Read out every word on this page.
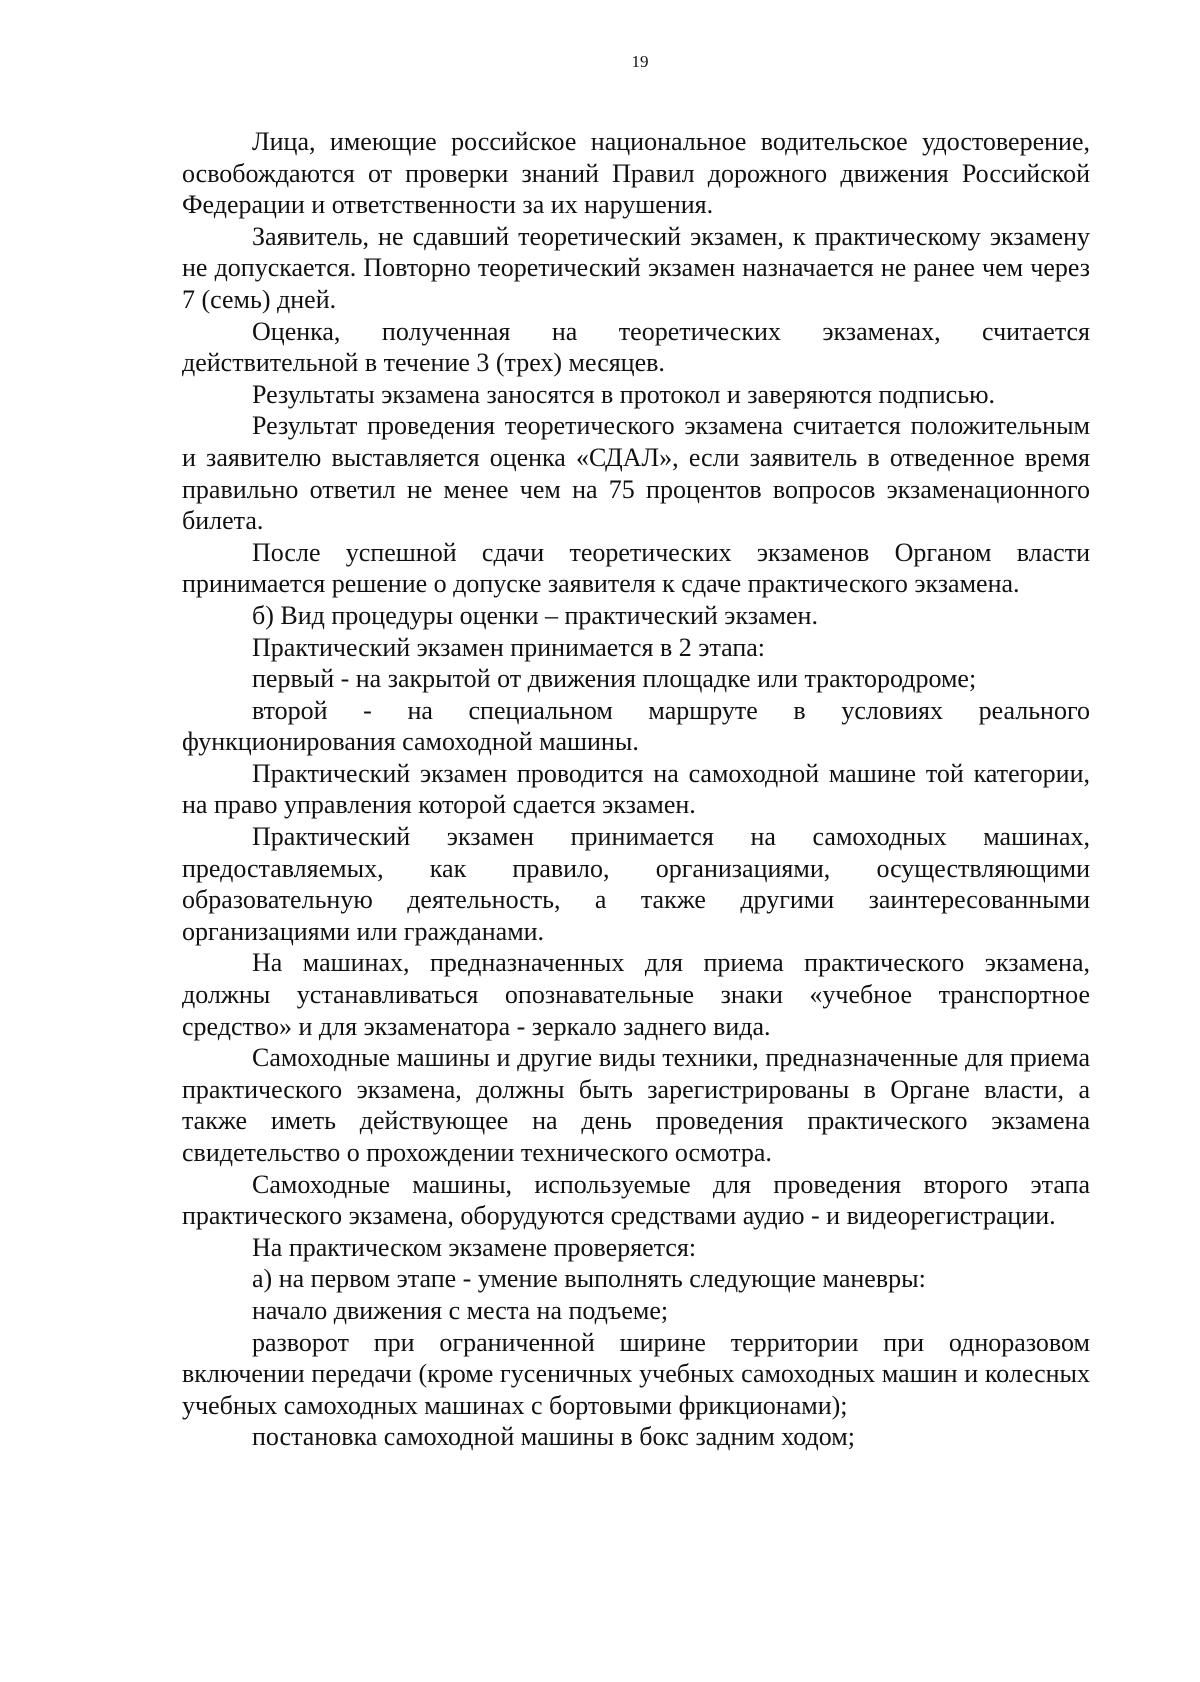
19

Лица, имеющие российское национальное водительское удостоверение, освобождаются от проверки знаний Правил дорожного движения Российской Федерации и ответственности за их нарушения.

Заявитель, не сдавший теоретический экзамен, к практическому экзамену не допускается. Повторно теоретический экзамен назначается не ранее чем через 7 (семь) дней.

Оценка, полученная на теоретических экзаменах, считается действительной в течение 3 (трех) месяцев.

Результаты экзамена заносятся в протокол и заверяются подписью.

Результат проведения теоретического экзамена считается положительным и заявителю выставляется оценка «СДАЛ», если заявитель в отведенное время правильно ответил не менее чем на 75 процентов вопросов экзаменационного билета.

После успешной сдачи теоретических экзаменов Органом власти принимается решение о допуске заявителя к сдаче практического экзамена.

б) Вид процедуры оценки – практический экзамен.

Практический экзамен принимается в 2 этапа:

первый - на закрытой от движения площадке или трактородроме;

второй - на специальном маршруте в условиях реального функционирования самоходной машины.

Практический экзамен проводится на самоходной машине той категории, на право управления которой сдается экзамен.

Практический экзамен принимается на самоходных машинах, предоставляемых, как правило, организациями, осуществляющими образовательную деятельность, а также другими заинтересованными организациями или гражданами.

На машинах, предназначенных для приема практического экзамена, должны устанавливаться опознавательные знаки «учебное транспортное средство» и для экзаменатора - зеркало заднего вида.

Самоходные машины и другие виды техники, предназначенные для приема практического экзамена, должны быть зарегистрированы в Органе власти, а также иметь действующее на день проведения практического экзамена свидетельство о прохождении технического осмотра.

Самоходные машины, используемые для проведения второго этапа практического экзамена, оборудуются средствами аудио - и видеорегистрации.

На практическом экзамене проверяется:

а) на первом этапе - умение выполнять следующие маневры:

начало движения с места на подъеме;

разворот при ограниченной ширине территории при одноразовом включении передачи (кроме гусеничных учебных самоходных машин и колесных учебных самоходных машинах с бортовыми фрикционами);

постановка самоходной машины в бокс задним ходом;
